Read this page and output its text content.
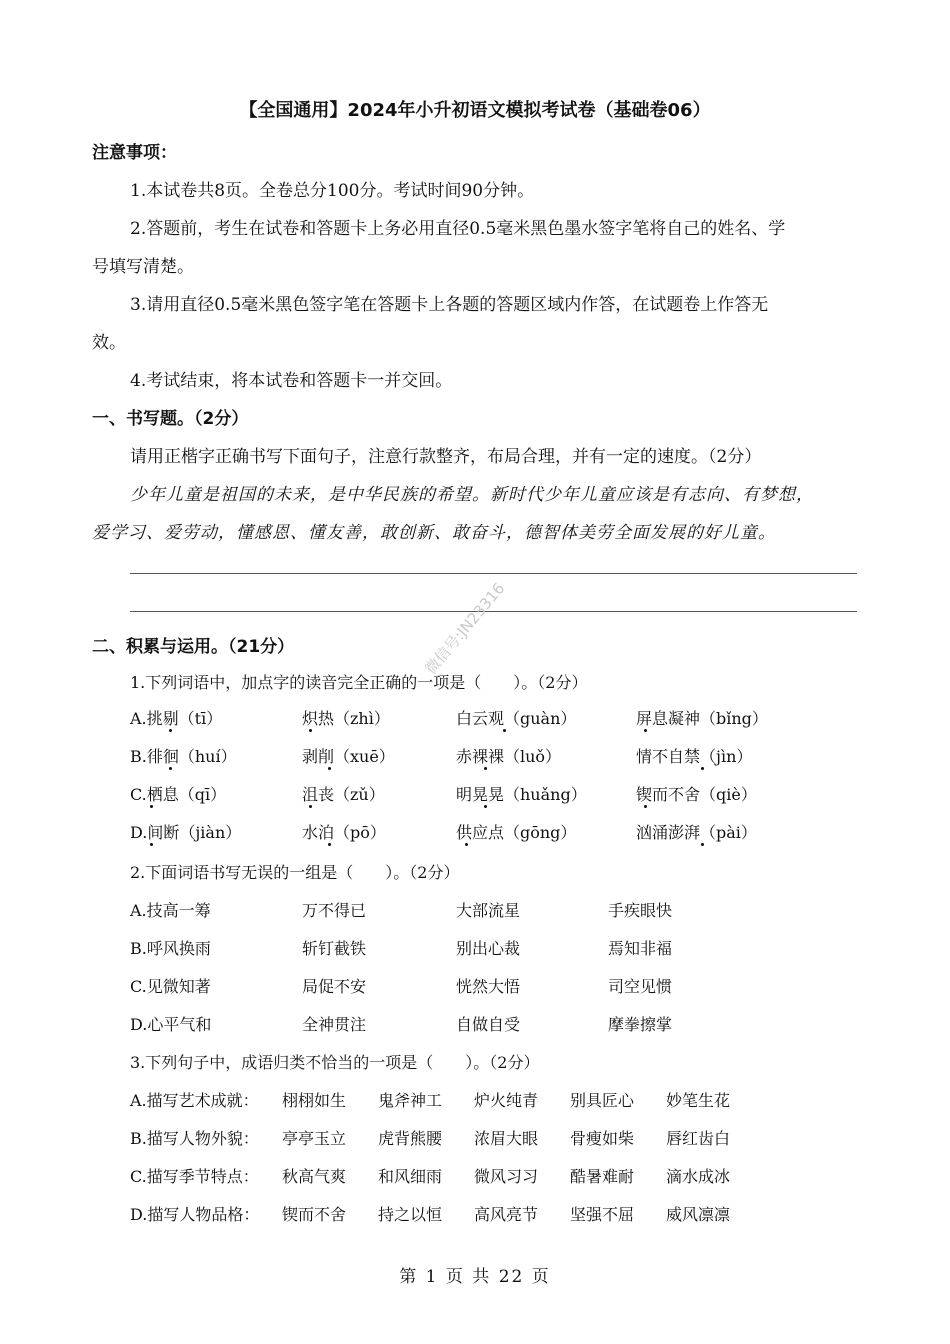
【全国通用】2024年小升初语文模拟考试卷（基础卷06）
注意事项：
1.本试卷共8页。全卷总分100分。考试时间90分钟。
2.答题前，考生在试卷和答题卡上务必用直径0.5毫米黑色墨水签字笔将自己的姓名、学
号填写清楚。
3.请用直径0.5毫米黑色签字笔在答题卡上各题的答题区域内作答，在试题卷上作答无
效。
4.考试结束，将本试卷和答题卡一并交回。
一、书写题。（2分）
请用正楷字正确书写下面句子，注意行款整齐，布局合理，并有一定的速度。（2分）
少年儿童是祖国的未来，是中华民族的希望。新时代少年儿童应该是有志向、有梦想，
爱学习、爱劳动，懂感恩、懂友善，敢创新、敢奋斗，德智体美劳全面发展的好儿童。
二、积累与运用。（21分）	微信号:JN23316
1.下列词语中，加点字的读音完全正确的一项是（　　）。（2分）
A.挑剔（tī）	炽热（zhì）	白云观（guàn）	屏息凝神（bǐng）
B.徘徊（huí）	剥削（xuē）	赤裸裸（luǒ）	情不自禁（jìn）
C.栖息（qī）	沮丧（zǔ）	明晃晃（huǎng）	锲而不舍（qiè）
D.间断（jiàn）	水泊（pō）	供应点（gōng）	汹涌澎湃（pài）
2.下面词语书写无误的一组是（　　）。（2分）
A.技高一筹	万不得已	大部流星	手疾眼快
B.呼风换雨	斩钉截铁	别出心裁	焉知非福
C.见微知著	局促不安	恍然大悟	司空见惯
D.心平气和	全神贯注	自做自受	摩拳擦掌
3.下列句子中，成语归类不恰当的一项是（　　）。（2分）
A.描写艺术成就： 栩栩如生 鬼斧神工 炉火纯青 别具匠心 妙笔生花
B.描写人物外貌： 亭亭玉立 虎背熊腰 浓眉大眼 骨瘦如柴 唇红齿白
C.描写季节特点： 秋高气爽 和风细雨 微风习习 酷暑难耐 滴水成冰
D.描写人物品格： 锲而不舍 持之以恒 高风亮节 坚强不屈 威风凛凛
第 1 页 共 22 页
